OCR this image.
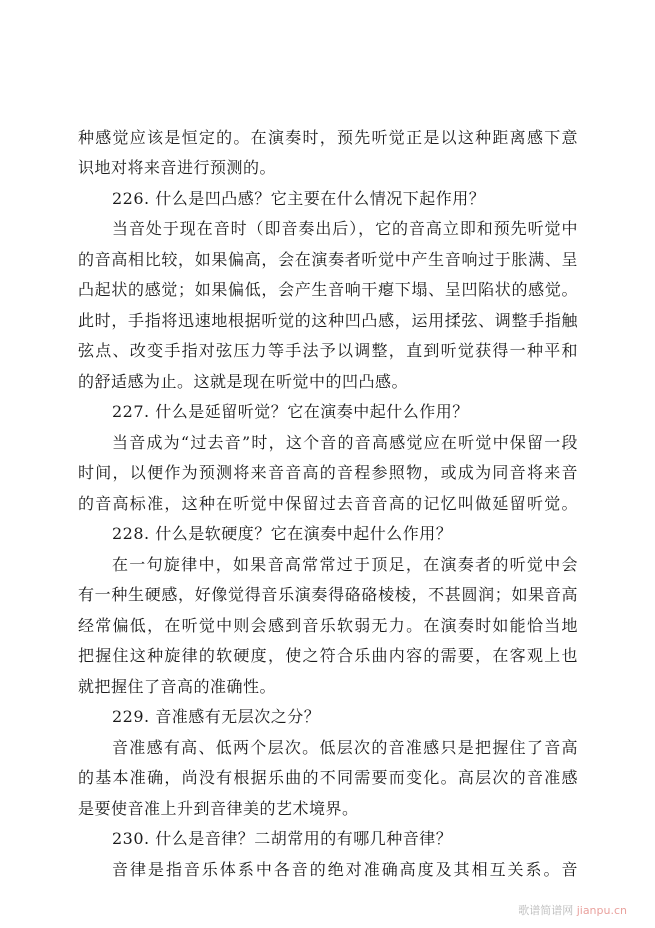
种感觉应该是恒定的。在演奏时，预先听觉正是以这种距离感下意
识地对将来音进行预测的。
226. 什么是凹凸感？它主要在什么情况下起作用？
当音处于现在音时（即音奏出后），它的音高立即和预先听觉中
的音高相比较，如果偏高，会在演奏者听觉中产生音响过于胀满、呈
凸起状的感觉；如果偏低，会产生音响干瘪下塌、呈凹陷状的感觉。
此时，手指将迅速地根据听觉的这种凹凸感，运用揉弦、调整手指触
弦点、改变手指对弦压力等手法予以调整，直到听觉获得一种平和
的舒适感为止。这就是现在听觉中的凹凸感。
227. 什么是延留听觉？它在演奏中起什么作用？
当音成为“过去音”时，这个音的音高感觉应在听觉中保留一段
时间，以便作为预测将来音音高的音程参照物，或成为同音将来音
的音高标准，这种在听觉中保留过去音音高的记忆叫做延留听觉。
228. 什么是软硬度？它在演奏中起什么作用？
在一句旋律中，如果音高常常过于顶足，在演奏者的听觉中会
有一种生硬感，好像觉得音乐演奏得硌硌棱棱，不甚圆润；如果音高
经常偏低，在听觉中则会感到音乐软弱无力。在演奏时如能恰当地
把握住这种旋律的软硬度，使之符合乐曲内容的需要，在客观上也
就把握住了音高的准确性。
229. 音准感有无层次之分？
音准感有高、低两个层次。低层次的音准感只是把握住了音高
的基本准确，尚没有根据乐曲的不同需要而变化。高层次的音准感
是要使音准上升到音律美的艺术境界。
230. 什么是音律？二胡常用的有哪几种音律？
音律是指音乐体系中各音的绝对准确高度及其相互关系。音
歌谱简谱网 jianpu.cn
